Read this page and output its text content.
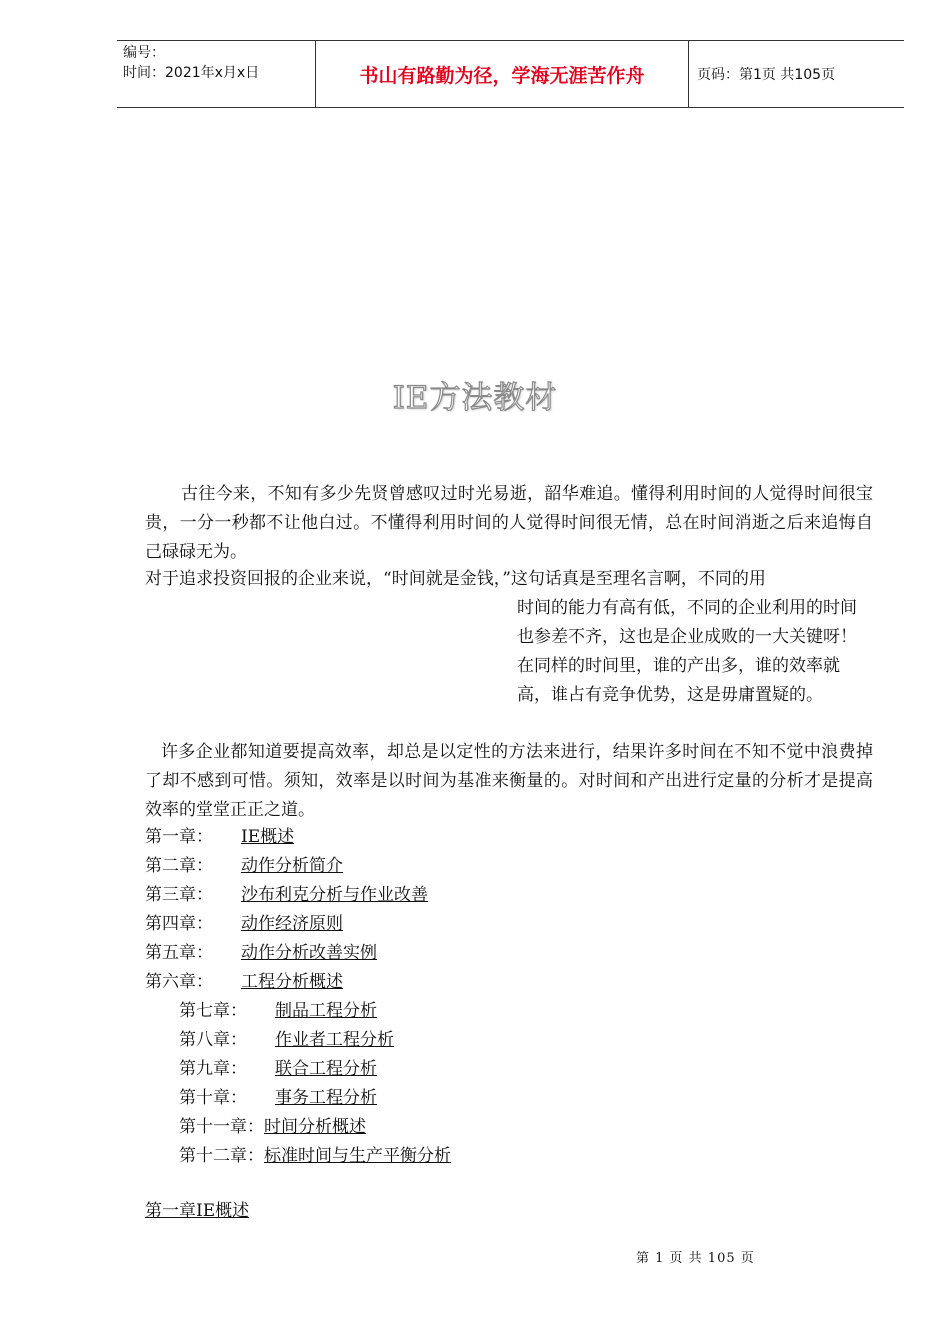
编号：
时间：2021年x月x日	书山有路勤为径，学海无涯苦作舟	页码：第1页 共105页
IE方法教材

古往今来，不知有多少先贤曾感叹过时光易逝，韶华难追。懂得利用时间的人觉得时间很宝贵，一分一秒都不让他白过。不懂得利用时间的人觉得时间很无情，总在时间消逝之后来追悔自己碌碌无为。

对于追求投资回报的企业来说，“时间就是金钱，”这句话真是至理名言啊，不同的用

时间的能力有高有低，不同的企业利用的时间也参差不齐，这也是企业成败的一大关键呀！在同样的时间里，谁的产出多，谁的效率就高，谁占有竞争优势，这是毋庸置疑的。

许多企业都知道要提高效率，却总是以定性的方法来进行，结果许多时间在不知不觉中浪费掉了却不感到可惜。须知，效率是以时间为基准来衡量的。对时间和产出进行定量的分析才是提高效率的堂堂正正之道。

第一章： IE概述
第二章： 动作分析简介
第三章： 沙布利克分析与作业改善
第四章： 动作经济原则
第五章： 动作分析改善实例
第六章： 工程分析概述
第七章： 制品工程分析
第八章： 作业者工程分析
第九章： 联合工程分析
第十章： 事务工程分析
第十一章：时间分析概述
第十二章：标准时间与生产平衡分析
第一章IE概述
第 1 页 共 105 页
